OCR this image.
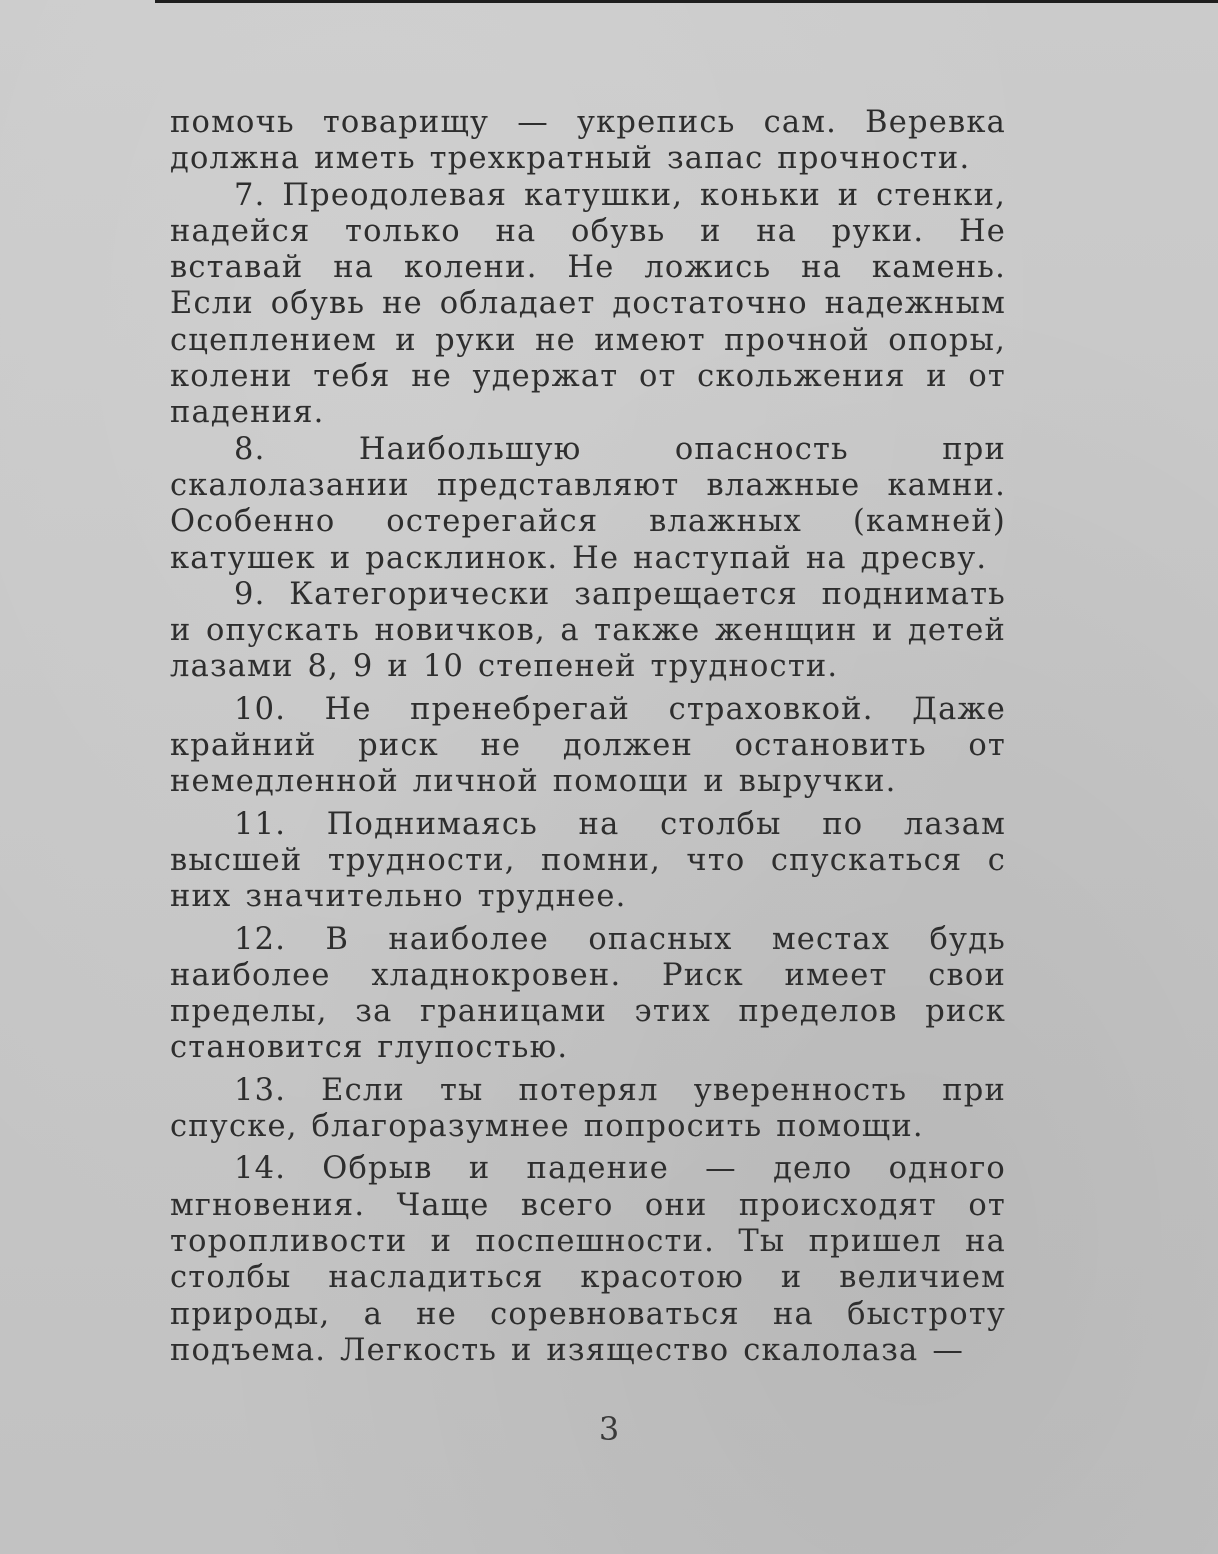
помочь товарищу — укрепись сам. Веревка должна иметь трехкратный запас прочности.

7. Преодолевая катушки, коньки и стенки, надейся только на обувь и на руки. Не вставай на колени. Не ложись на камень. Если обувь не обладает достаточно надежным сцеплением и руки не имеют прочной опоры, колени тебя не удержат от скольжения и от падения.

8. Наибольшую опасность при скалолазании представляют влажные камни. Особенно остерегайся влажных (камней) катушек и расклинок. Не наступай на дресву.

9. Категорически запрещается поднимать и опускать новичков, а также женщин и детей лазами 8, 9 и 10 степеней трудности.

10. Не пренебрегай страховкой. Даже крайний риск не должен остановить от немедленной личной помощи и выручки.

11. Поднимаясь на столбы по лазам высшей трудности, помни, что спускаться с них значительно труднее.

12. В наиболее опасных местах будь наиболее хладнокровен. Риск имеет свои пределы, за границами этих пределов риск становится глупостью.

13. Если ты потерял уверенность при спуске, благоразумнее попросить помощи.

14. Обрыв и падение — дело одного мгновения. Чаще всего они происходят от торопливости и поспешности. Ты пришел на столбы насладиться красотою и величием природы, а не соревноваться на быстроту подъема. Легкость и изящество скалолаза —

3
